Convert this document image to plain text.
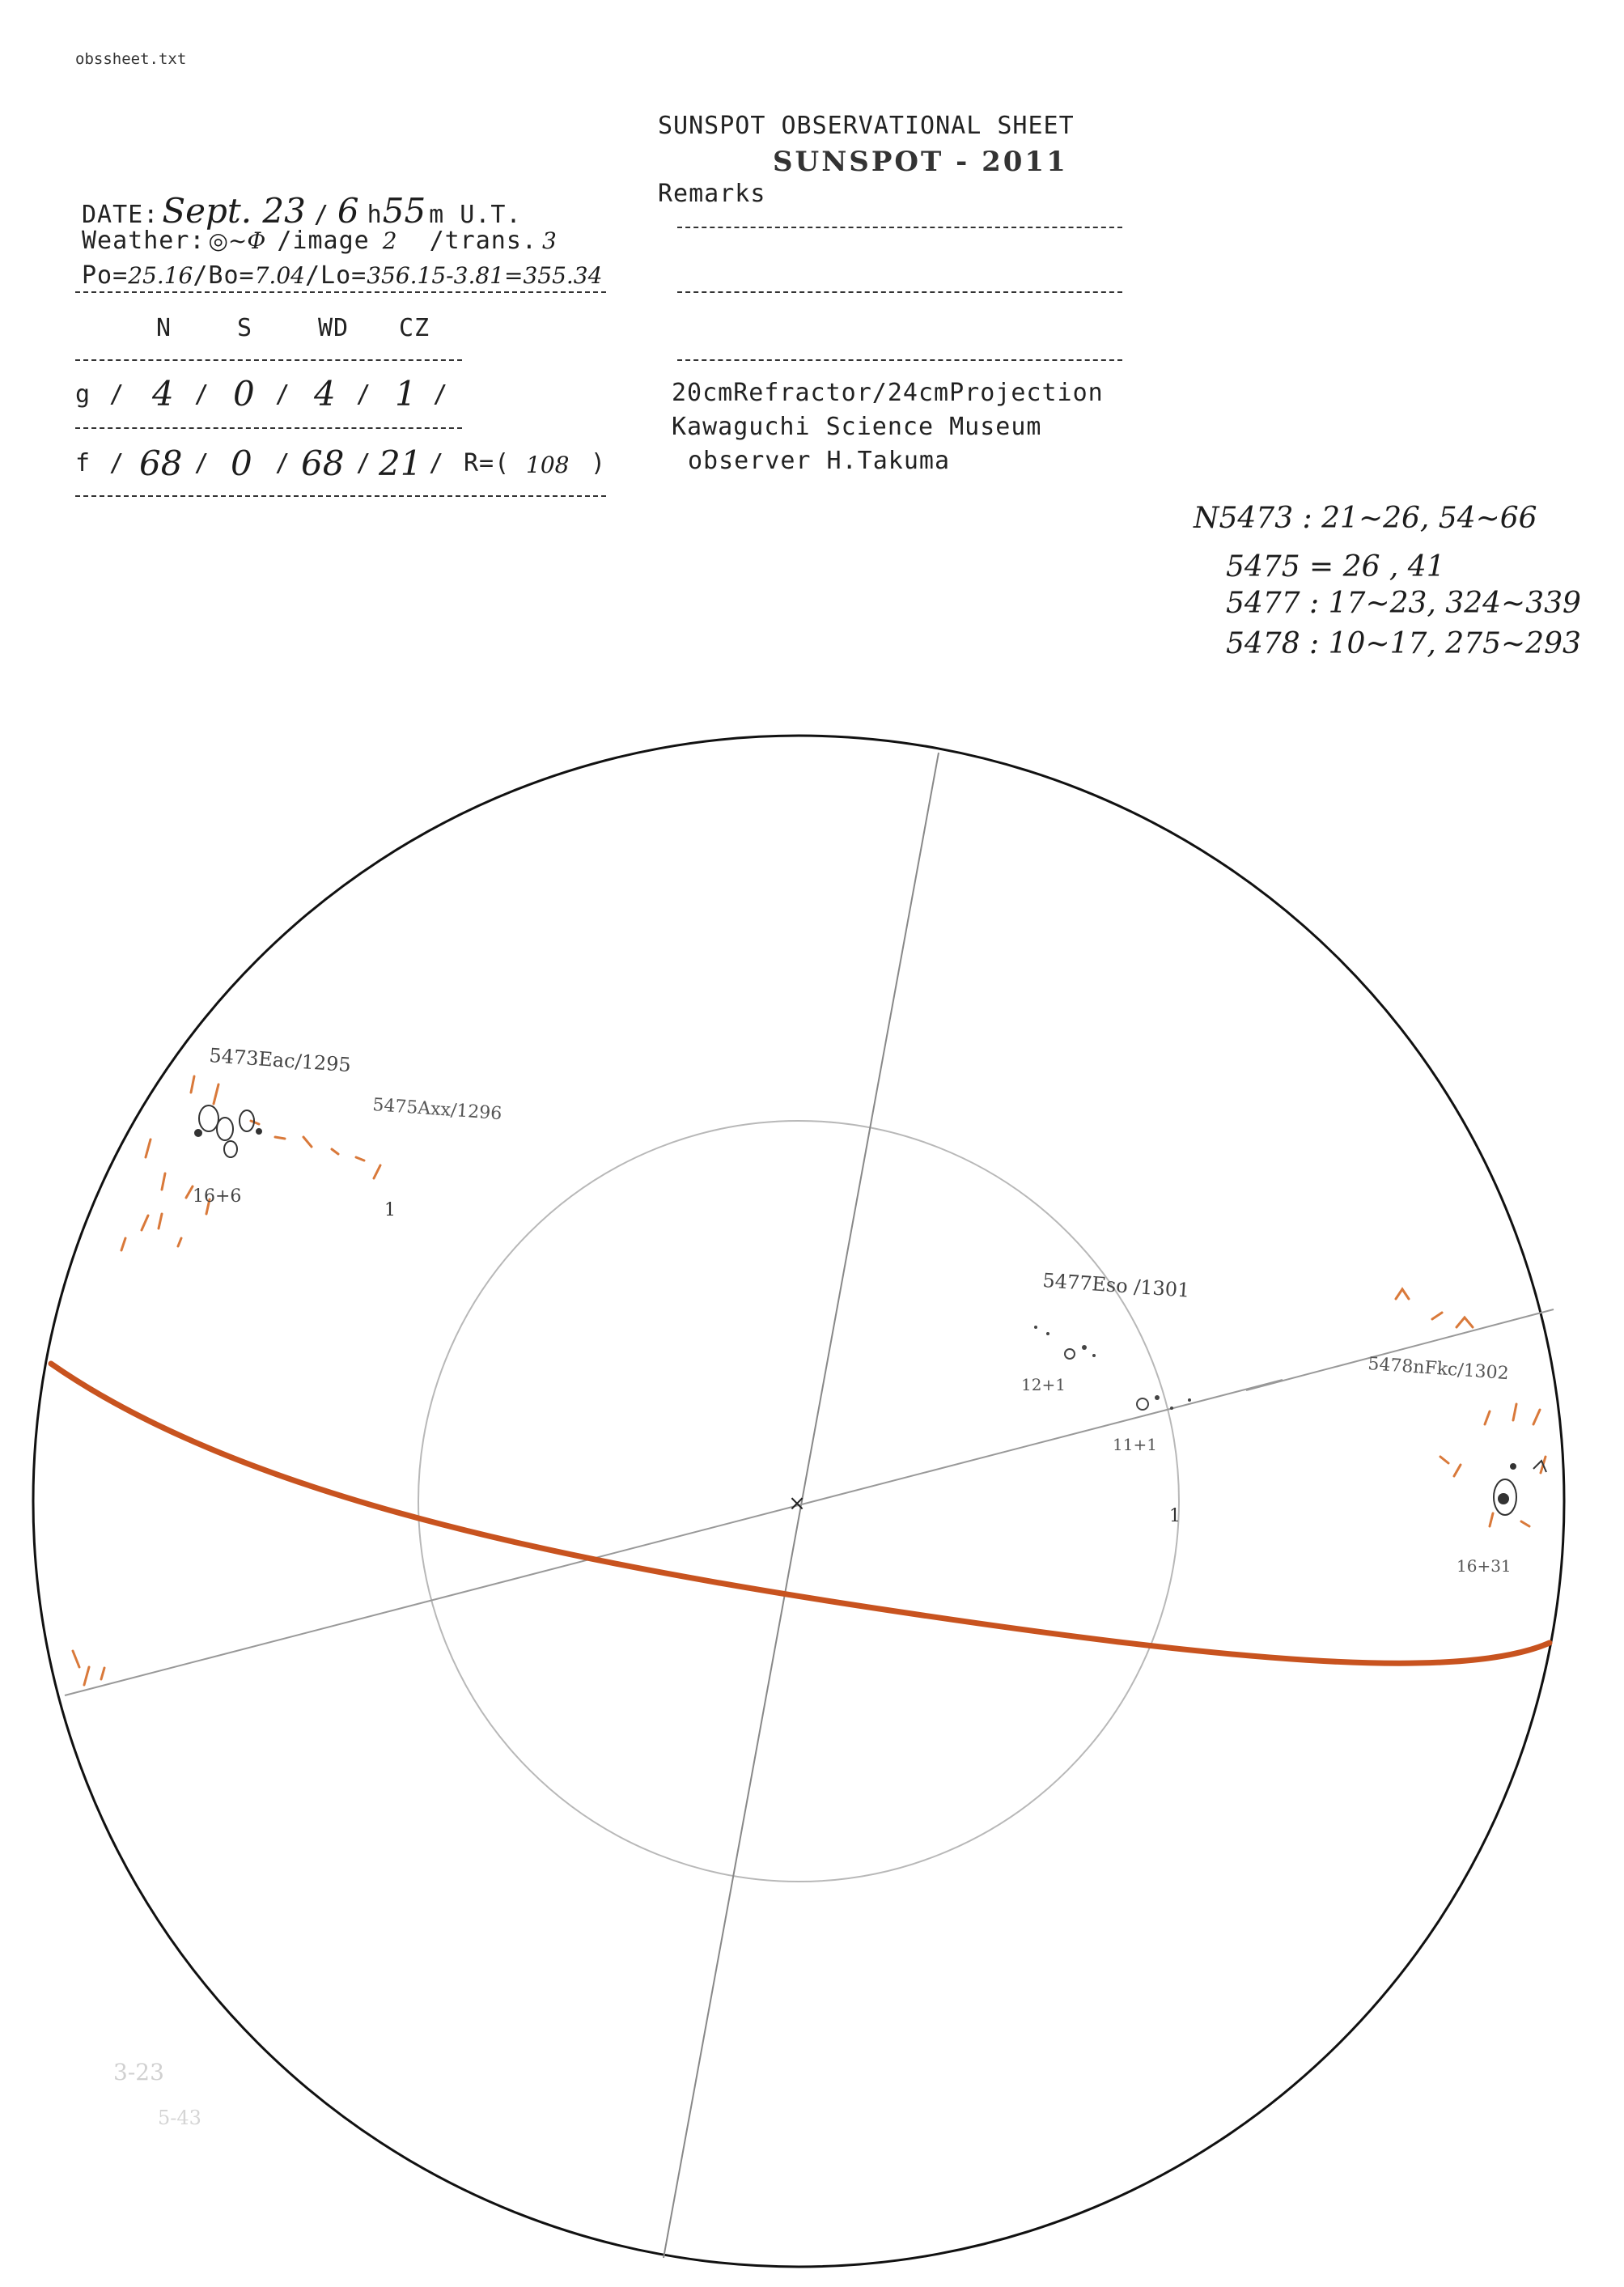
obssheet.txt
SUNSPOT OBSERVATIONAL SHEET
SUNSPOT - 2011

DATE:Sept. 23 / 6 h55 m U.T.

Remarks

Weather: ◎~Φ /image 2 /trans. 3

Po=25.16/Bo=7.04/Lo=356.15-3.81=355.34

N	S	WD CZ
g / 4 / 0 / 4 / 1 /	20cmRefractor/24cmProjection
Kawaguchi Science Museum
f / 68 / 0 / 68 / 21 / R=( 108 )	observer H.Takuma
N5473 : 21~26, 54~66
5475 = 26 , 41
5477 : 17~23, 324~339
5478 : 10~17, 275~293
×
5473Eac/1295
16+6
5475Axx/1296
1
5477Eso /1301
12+1
11+1
1
5478nFkc/1302
16+31
3-23
5-43
